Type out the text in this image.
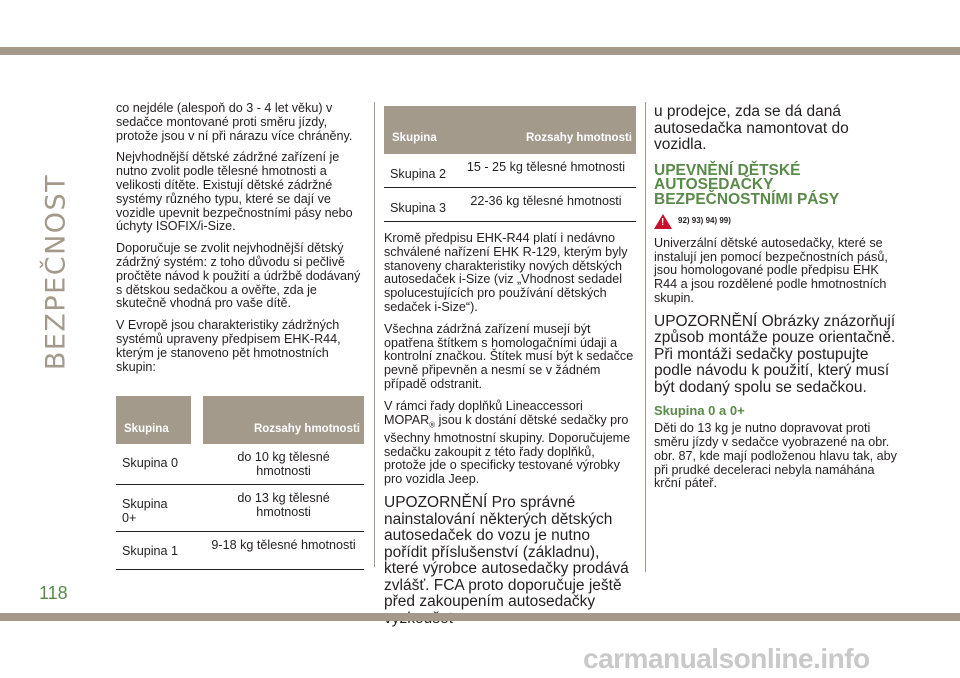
BEZPEČNOST

co nejdéle (alespoň do 3 - 4 let věku) v sedačce montované proti směru jízdy, protože jsou v ní při nárazu více chráněny.

Nejvhodnější dětské zádržné zařízení je nutno zvolit podle tělesné hmotnosti a velikosti dítěte. Existují dětské zádržné systémy různého typu, které se dají ve vozidle upevnit bezpečnostními pásy nebo úchyty ISOFIX/i-Size.

Doporučuje se zvolit nejvhodnější dětský zádržný systém: z toho důvodu si pečlivě pročtěte návod k použití a údržbě dodávaný s dětskou sedačkou a ověřte, zda je skutečně vhodná pro vaše dítě.

V Evropě jsou charakteristiky zádržných systémů upraveny předpisem EHK-R44, kterým je stanoveno pět hmotnostních skupin:

Skupina		Rozsahy hmotnosti
Skupina 0		do 10 kg tělesné hmotnosti
Skupina 0+		do 13 kg tělesné hmotnosti
Skupina 1		9-18 kg tělesné hmotnosti
Skupina	Rozsahy hmotnosti
Skupina 2	15 - 25 kg tělesné hmotnosti
Skupina 3	22-36 kg tělesné hmotnosti

Kromě předpisu EHK-R44 platí i nedávno schválené nařízení EHK R-129, kterým byly stanoveny charakteristiky nových dětských autosedaček i-Size (viz „Vhodnost sedadel spolucestujících pro používání dětských sedaček i-Size“).

Všechna zádržná zařízení musejí být opatřena štítkem s homologačními údaji a kontrolní značkou. Štítek musí být k sedačce pevně připevněn a nesmí se v žádném případě odstranit.

V rámci řady doplňků Lineaccessori MOPAR® jsou k dostání dětské sedačky pro všechny hmotnostní skupiny. Doporučujeme sedačku zakoupit z této řady doplňků, protože jde o specificky testované výrobky pro vozidla Jeep.

UPOZORNĚNÍ Pro správné nainstalování některých dětských autosedaček do vozu je nutno pořídit příslušenství (základnu), které výrobce autosedačky prodává zvlášť. FCA proto doporučuje ještě před zakoupením autosedačky

u prodejce, zda se dá daná autosedačka namontovat do vozidla.

UPEVNĚNÍ DĚTSKÉ AUTOSEDAČKY BEZPEČNOSTNÍMI PÁSY
!
92) 93) 94) 99)

Univerzální dětské autosedačky, které se instalují jen pomocí bezpečnostních pásů, jsou homologované podle předpisu EHK R44 a jsou rozdělené podle hmotnostních skupin.

UPOZORNĚNÍ Obrázky znázorňují způsob montáže pouze orientačně. Při montáži sedačky postupujte podle návodu k použití, který musí být dodaný spolu se sedačkou.

Skupina 0 a 0+

Děti do 13 kg je nutno dopravovat proti směru jízdy v sedačce vyobrazené na obr. obr. 87, kde mají podloženou hlavu tak, aby při prudké deceleraci nebyla namáhána krční páteř.

118
carmanualsonline.info
